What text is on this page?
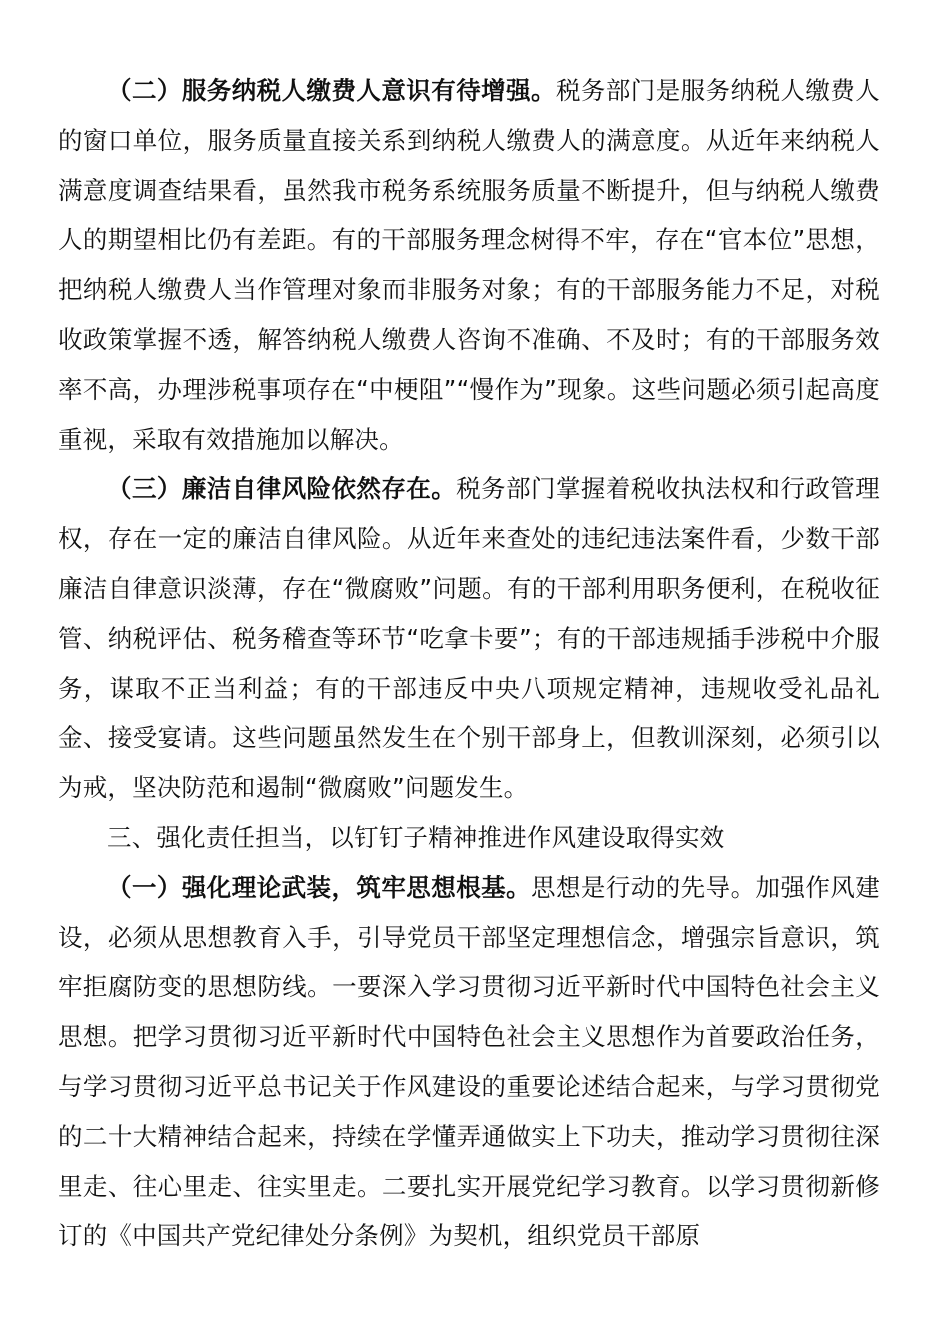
（二）服务纳税人缴费人意识有待增强。税务部门是服务纳税人缴费人的窗口单位，服务质量直接关系到纳税人缴费人的满意度。从近年来纳税人满意度调查结果看，虽然我市税务系统服务质量不断提升，但与纳税人缴费人的期望相比仍有差距。有的干部服务理念树得不牢，存在“官本位”思想，把纳税人缴费人当作管理对象而非服务对象；有的干部服务能力不足，对税收政策掌握不透，解答纳税人缴费人咨询不准确、不及时；有的干部服务效率不高，办理涉税事项存在“中梗阻”“慢作为”现象。这些问题必须引起高度重视，采取有效措施加以解决。

（三）廉洁自律风险依然存在。税务部门掌握着税收执法权和行政管理权，存在一定的廉洁自律风险。从近年来查处的违纪违法案件看，少数干部廉洁自律意识淡薄，存在“微腐败”问题。有的干部利用职务便利，在税收征管、纳税评估、税务稽查等环节“吃拿卡要”；有的干部违规插手涉税中介服务，谋取不正当利益；有的干部违反中央八项规定精神，违规收受礼品礼金、接受宴请。这些问题虽然发生在个别干部身上，但教训深刻，必须引以为戒，坚决防范和遏制“微腐败”问题发生。

三、强化责任担当，以钉钉子精神推进作风建设取得实效

（一）强化理论武装，筑牢思想根基。思想是行动的先导。加强作风建设，必须从思想教育入手，引导党员干部坚定理想信念，增强宗旨意识，筑牢拒腐防变的思想防线。一要深入学习贯彻习近平新时代中国特色社会主义思想。把学习贯彻习近平新时代中国特色社会主义思想作为首要政治任务，与学习贯彻习近平总书记关于作风建设的重要论述结合起来，与学习贯彻党的二十大精神结合起来，持续在学懂弄通做实上下功夫，推动学习贯彻往深里走、往心里走、往实里走。二要扎实开展党纪学习教育。以学习贯彻新修订的《中国共产党纪律处分条例》为契机，组织党员干部原
